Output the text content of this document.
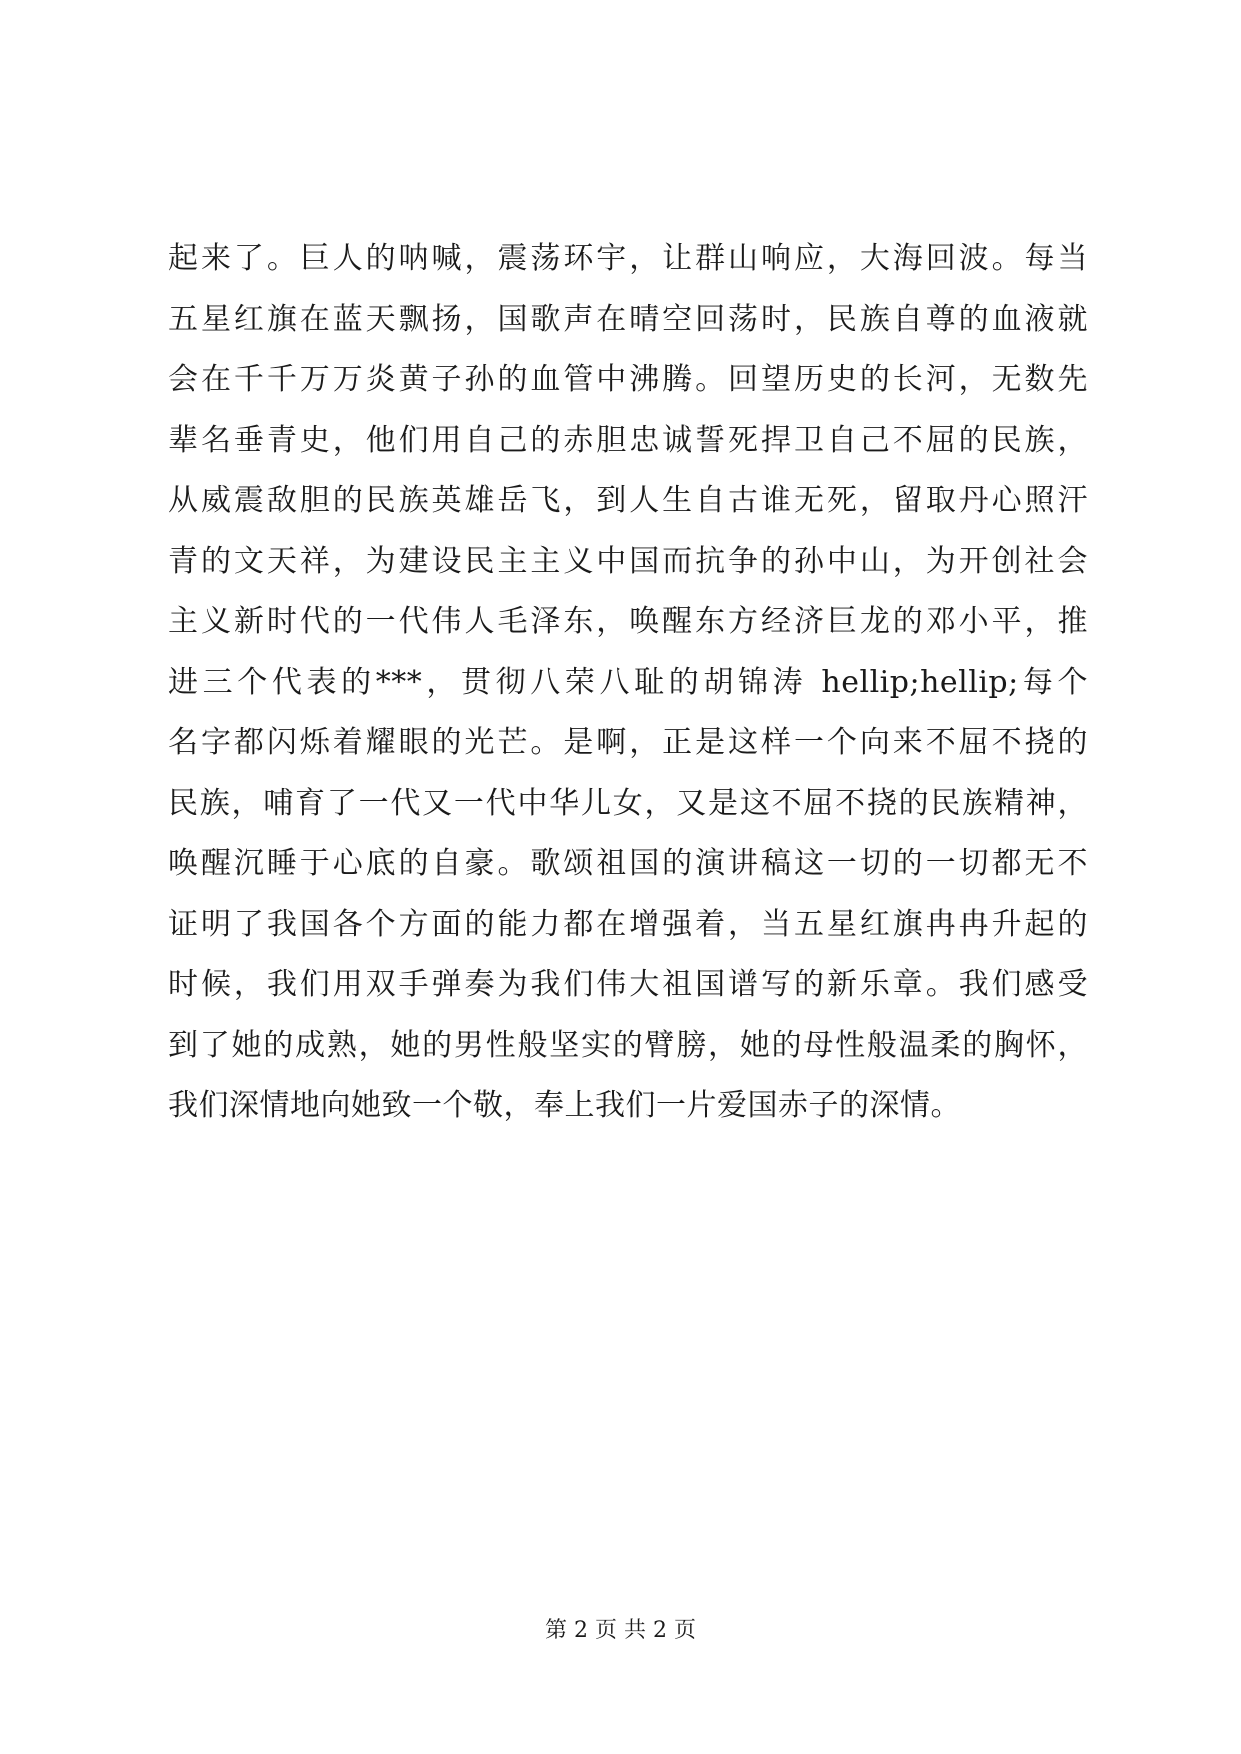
起来了。巨人的呐喊，震荡环宇，让群山响应，大海回波。每当
五星红旗在蓝天飘扬，国歌声在晴空回荡时，民族自尊的血液就
会在千千万万炎黄子孙的血管中沸腾。回望历史的长河，无数先
辈名垂青史，他们用自己的赤胆忠诚誓死捍卫自己不屈的民族，
从威震敌胆的民族英雄岳飞，到人生自古谁无死，留取丹心照汗
青的文天祥，为建设民主主义中国而抗争的孙中山，为开创社会
主义新时代的一代伟人毛泽东，唤醒东方经济巨龙的邓小平，推
进三个代表的***，贯彻八荣八耻的胡锦涛 hellip;hellip;每个
名字都闪烁着耀眼的光芒。是啊，正是这样一个向来不屈不挠的
民族，哺育了一代又一代中华儿女，又是这不屈不挠的民族精神，
唤醒沉睡于心底的自豪。歌颂祖国的演讲稿这一切的一切都无不
证明了我国各个方面的能力都在增强着，当五星红旗冉冉升起的
时候，我们用双手弹奏为我们伟大祖国谱写的新乐章。我们感受
到了她的成熟，她的男性般坚实的臂膀，她的母性般温柔的胸怀，
我们深情地向她致一个敬，奉上我们一片爱国赤子的深情。
第 2 页 共 2 页
